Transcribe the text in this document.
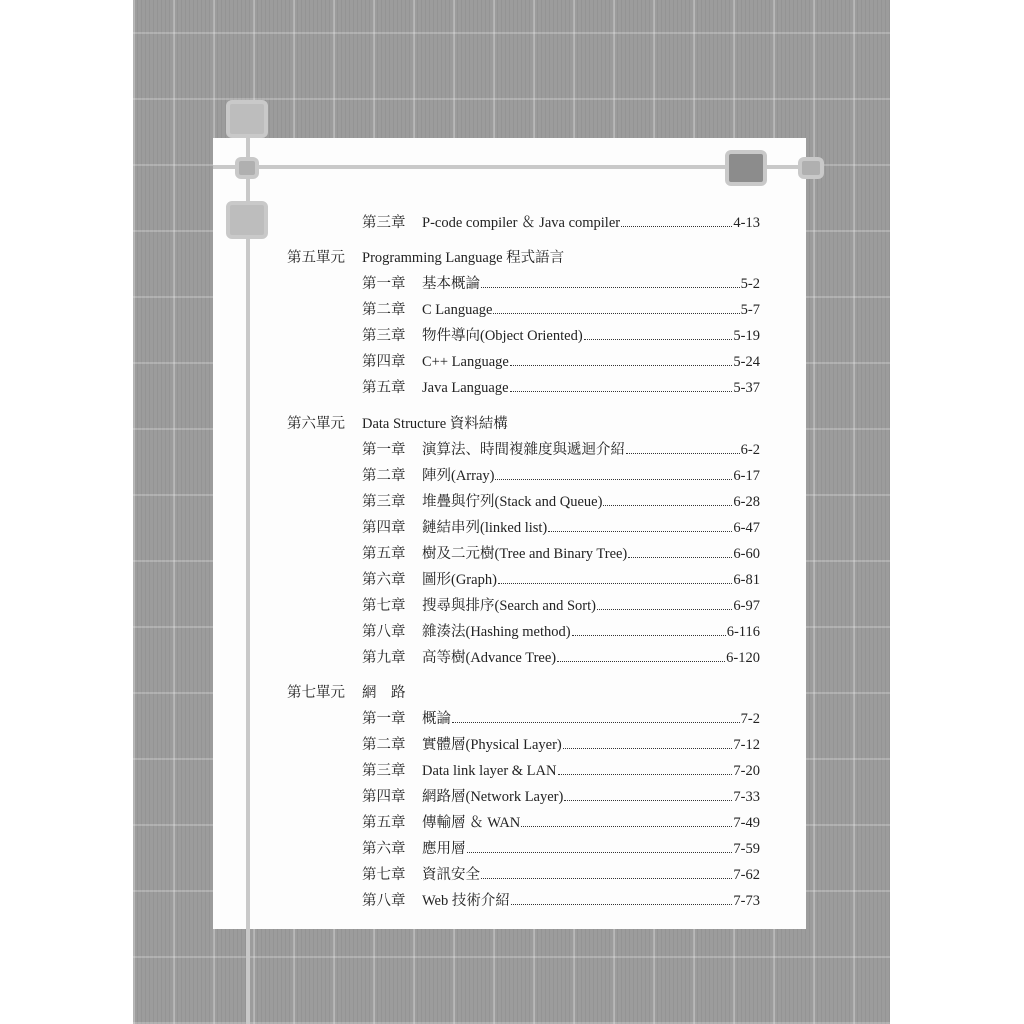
第三章	P-code compiler ＆ Java compiler	4-13
第五單元 Programming Language 程式語言
第一章	基本概論	5-2
第二章	C Language	5-7
第三章	物件導向(Object Oriented)	5-19
第四章	C++ Language	5-24
第五章	Java Language	5-37
第六單元 Data Structure 資料結構
第一章	演算法、時間複雜度與遞迴介紹	6-2
第二章	陣列(Array)	6-17
第三章	堆疊與佇列(Stack and Queue)	6-28
第四章	鏈結串列(linked list)	6-47
第五章	樹及二元樹(Tree and Binary Tree)	6-60
第六章	圖形(Graph)	6-81
第七章	搜尋與排序(Search and Sort)	6-97
第八章	雜湊法(Hashing method)	6-116
第九章	高等樹(Advance Tree)	6-120
第七單元 網　路
第一章	概論	7-2
第二章	實體層(Physical Layer)	7-12
第三章	Data link layer & LAN	7-20
第四章	網路層(Network Layer)	7-33
第五章	傳輸層 ＆ WAN	7-49
第六章	應用層	7-59
第七章	資訊安全	7-62
第八章	Web 技術介紹	7-73
